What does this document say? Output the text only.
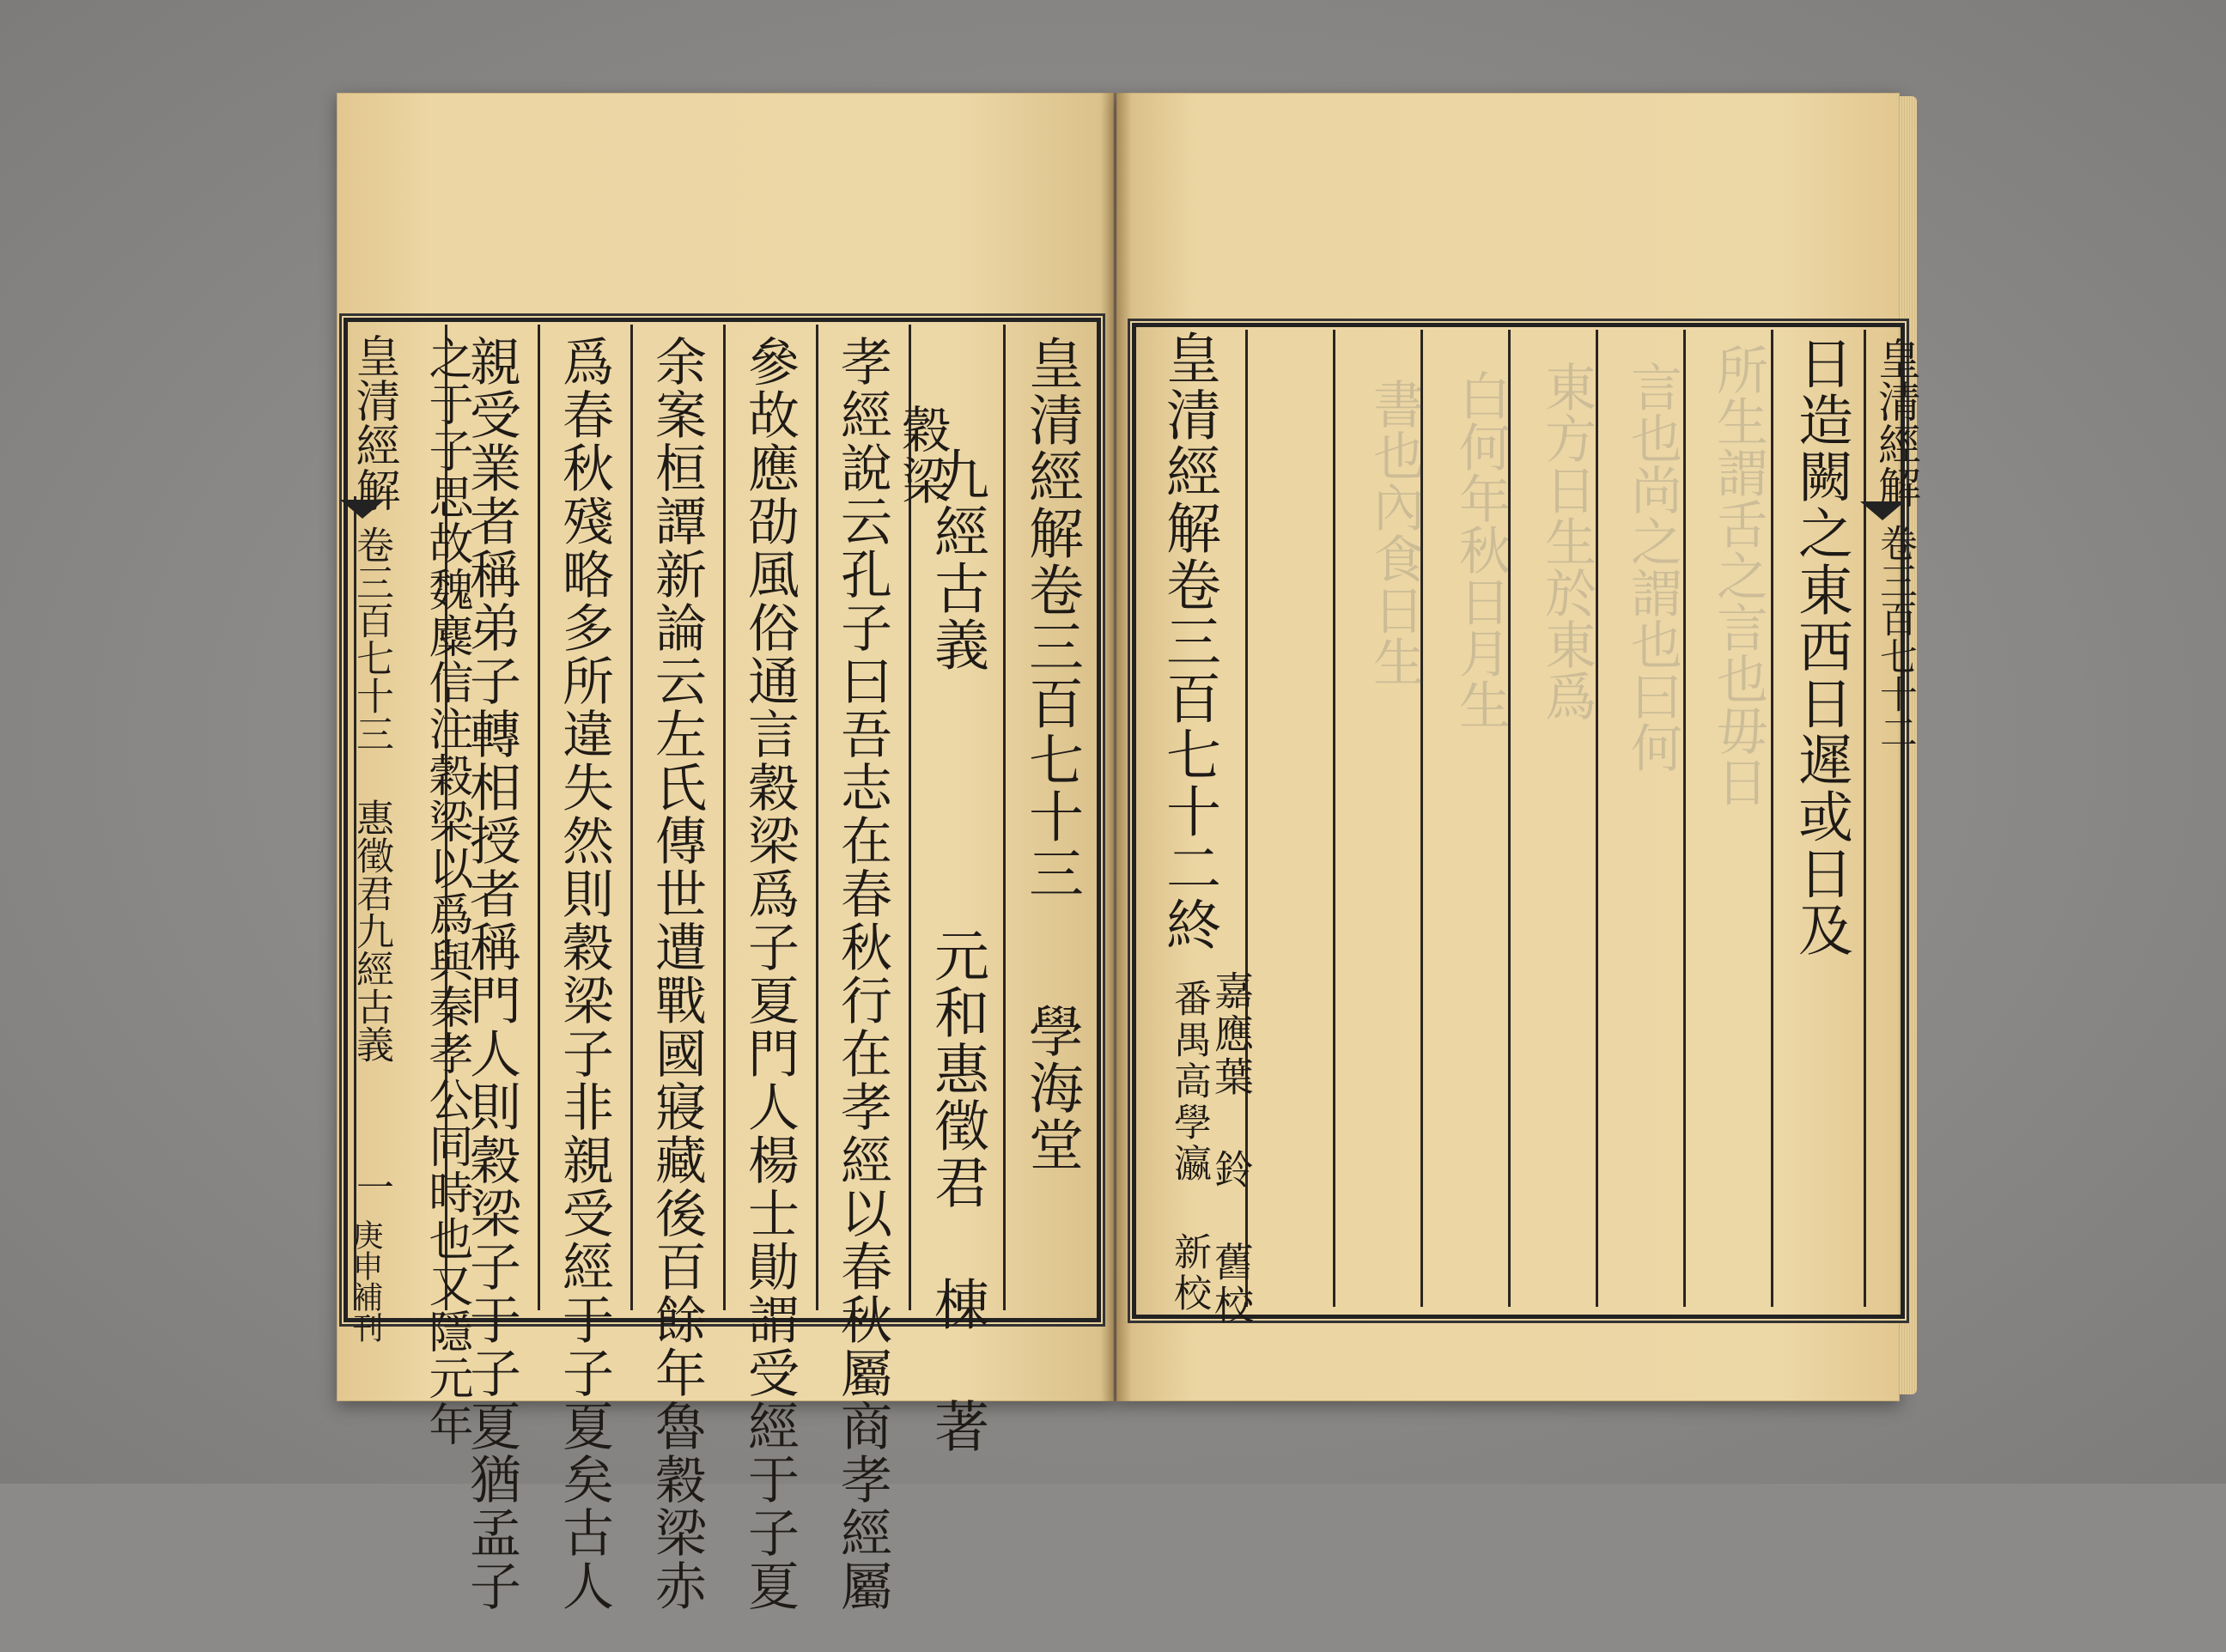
皇清經解卷三百七十三
九經古義
元和惠徵君 棟 著 學海堂
穀梁
孝經說云孔子曰吾志在春秋行在孝經以春秋屬商孝經屬
參故應劭風俗通言穀梁爲子夏門人楊士勛謂受經于子夏
余案桓譚新論云左氏傳世遭戰國寢藏後百餘年魯穀梁赤
爲春秋殘略多所違失然則穀梁子非親受經于子夏矣古人
親受業者稱弟子轉相授者稱門人則穀梁子于子夏猶孟子
皇清經解
卷三百七十三
惠徵君九經古義
一
庚申補刊
所生謂舌之言也毋日
言也尚之謂也曰何
東方日生於東爲
白何年秋日月生
書也內食日生	日造闕之東西日遲或日及
皇清經解卷三百七十二終
嘉應葉 鈴 舊校
番禺高學瀛 新校
皇清經解
卷三百七十二
之于子思故魏麋信注穀梁以爲與秦孝公同時也又隱元年
